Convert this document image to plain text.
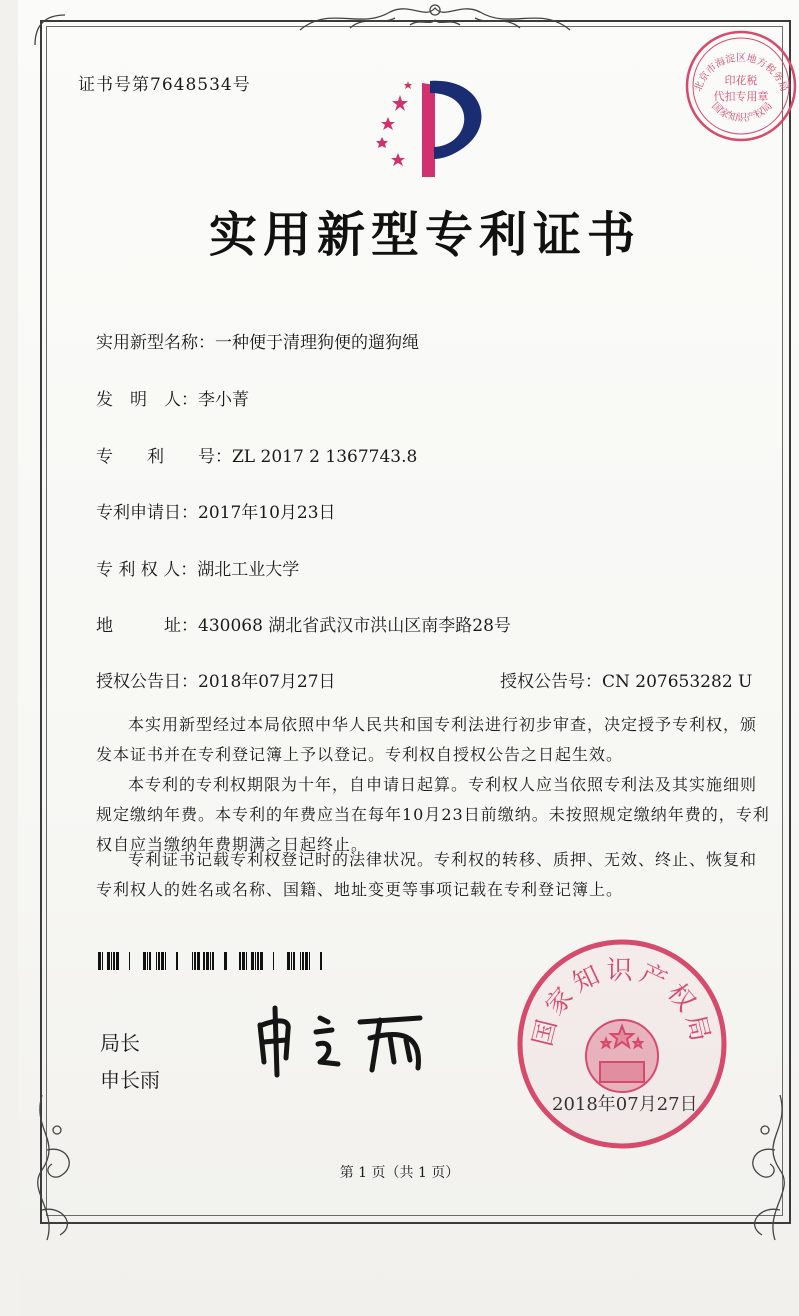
证书号第7648534号
实用新型专利证书
实用新型名称：一种便于清理狗便的遛狗绳
发　明　人：李小菁
专　　利　　号：ZL 2017 2 1367743.8
专利申请日：2017年10月23日
专 利 权 人：湖北工业大学
地　　　址：430068 湖北省武汉市洪山区南李路28号
授权公告日：2018年07月27日	授权公告号：CN 207653282 U
本实用新型经过本局依照中华人民共和国专利法进行初步审查，决定授予专利权，颁发本证书并在专利登记簿上予以登记。专利权自授权公告之日起生效。
本专利的专利权期限为十年，自申请日起算。专利权人应当依照专利法及其实施细则规定缴纳年费。本专利的年费应当在每年10月23日前缴纳。未按照规定缴纳年费的，专利权自应当缴纳年费期满之日起终止。
专利证书记载专利权登记时的法律状况。专利权的转移、质押、无效、终止、恢复和专利权人的姓名或名称、国籍、地址变更等事项记载在专利登记簿上。
局长
申长雨
国家知识产权局
2018年07月27日
北京市海淀区地方税务局
国家知识产权局
印花税
代扣专用章
第 1 页（共 1 页）
